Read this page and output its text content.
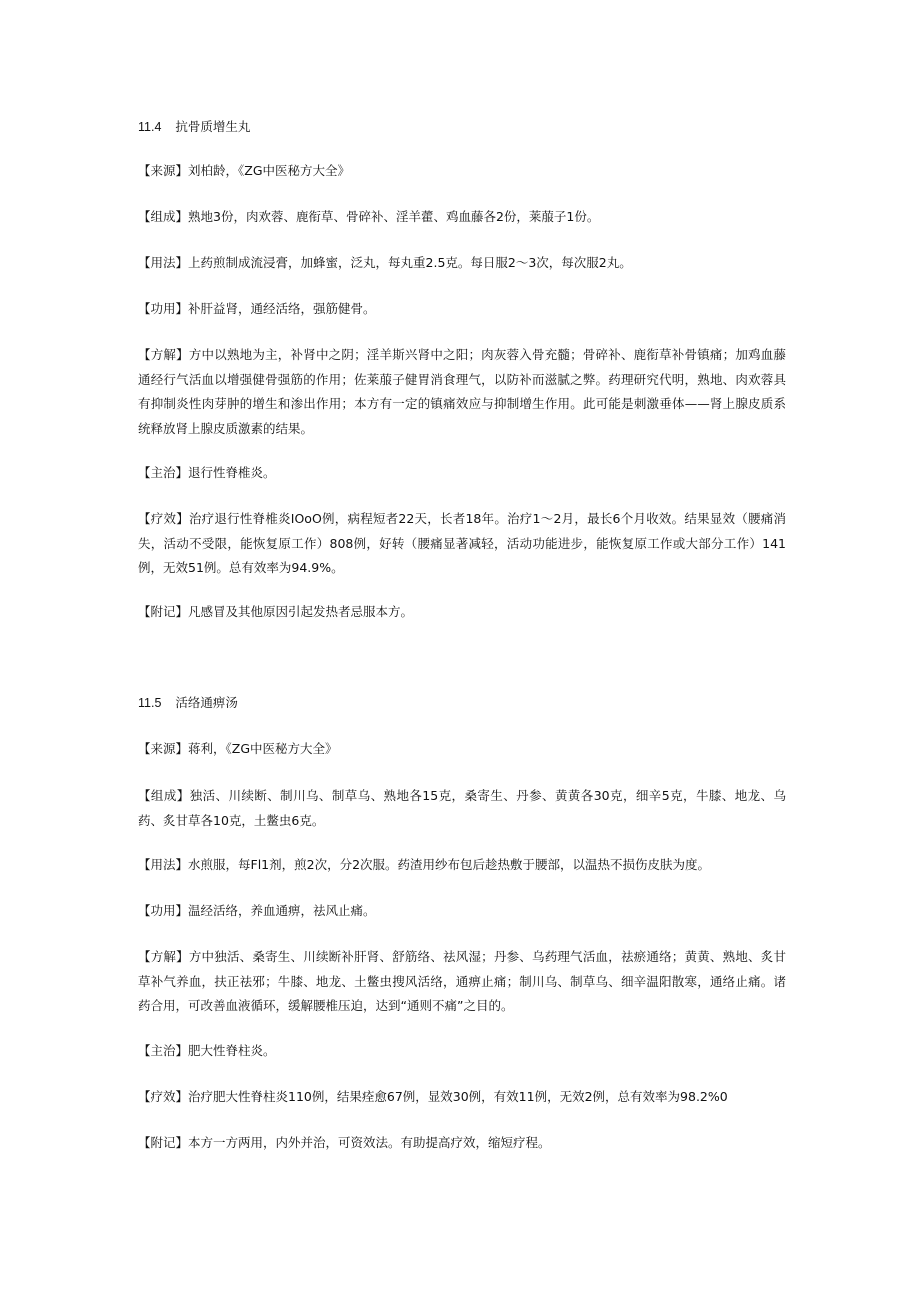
11.4 抗骨质增生丸
【来源】刘柏龄，《ZG中医秘方大全》
【组成】熟地3份，肉欢蓉、鹿衔草、骨碎补、淫羊藿、鸡血藤各2份，莱菔子1份。
【用法】上药煎制成流浸膏，加蜂蜜，泛丸，每丸重2.5克。每日服2～3次，每次服2丸。
【功用】补肝益肾，通经活络，强筋健骨。
【方解】方中以熟地为主，补肾中之阴；淫羊斯兴肾中之阳；肉灰蓉入骨充髓；骨碎补、鹿衔草补骨镇痛；加鸡血藤通经行气活血以增强健骨强筋的作用；佐莱菔子健胃消食理气，以防补而滋腻之弊。药理研究代明，熟地、肉欢蓉具有抑制炎性肉芽肿的增生和渗出作用；本方有一定的镇痛效应与抑制增生作用。此可能是刺激垂体——肾上腺皮质系统释放肾上腺皮质激素的结果。
【主治】退行性脊椎炎。
【疗效】治疗退行性脊椎炎IOoO例，病程短者22天，长者18年。治疗1～2月，最长6个月收效。结果显效（腰痛消失，活动不受限，能恢复原工作）808例，好转（腰痛显著减轻，活动功能进步，能恢复原工作或大部分工作）141例，无效51例。总有效率为94.9%。
【附记】凡感冒及其他原因引起发热者忌服本方。
11.5 活络通痹汤
【来源】蒋利，《ZG中医秘方大全》
【组成】独活、川续断、制川乌、制草乌、熟地各15克，桑寄生、丹参、黄黄各30克，细辛5克，牛膝、地龙、乌药、炙甘草各10克，土鳖虫6克。
【用法】水煎服，每Fl1剂，煎2次，分2次服。药渣用纱布包后趁热敷于腰部，以温热不损伤皮肤为度。
【功用】温经活络，养血通痹，祛风止痛。
【方解】方中独活、桑寄生、川续断补肝肾、舒筋络、祛风湿；丹参、乌药理气活血，祛瘀通络；黄黄、熟地、炙甘草补气养血，扶正祛邪；牛膝、地龙、土鳖虫搜风活络，通痹止痛；制川乌、制草乌、细辛温阳散寒，通络止痛。诸药合用，可改善血液循环，缓解腰椎压迫，达到“通则不痛”之目的。
【主治】肥大性脊柱炎。
【疗效】治疗肥大性脊柱炎110例，结果痊愈67例，显效30例，有效11例，无效2例，总有效率为98.2%0
【附记】本方一方两用，内外并治，可资效法。有助提高疗效，缩短疗程。
